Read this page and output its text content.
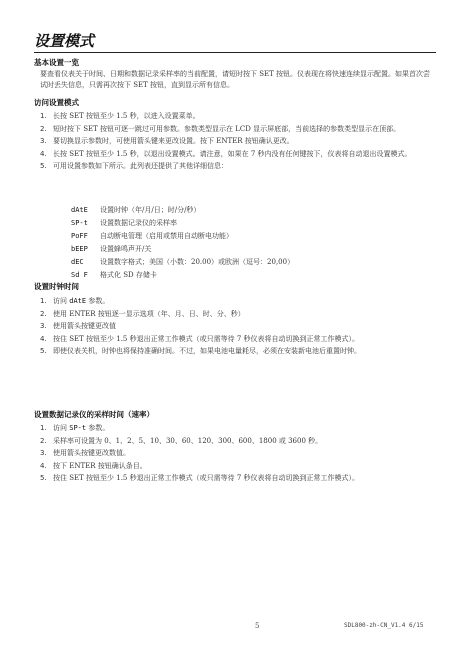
设置模式
基本设置一览
要查看仪表关于时间、日期和数据记录采样率的当前配置，请短时按下 SET 按钮。仪表现在将快速连续显示配置。如果首次尝试时丢失信息，只需再次按下 SET 按钮，直到显示所有信息。
访问设置模式
1. 长按 SET 按钮至少 1.5 秒，以进入设置菜单。
2. 短时按下 SET 按钮可逐一跳过可用参数。参数类型显示在 LCD 显示屏底部，当前选择的参数类型显示在顶部。
3. 要切换显示参数时，可使用箭头键来更改设置。按下 ENTER 按钮确认更改。
4. 长按 SET 按钮至少 1.5 秒，以退出设置模式。请注意，如果在 7 秒内没有任何键按下，仪表将自动退出设置模式。
5. 可用设置参数如下所示。此列表还提供了其他详细信息：
dAtE 设置时钟（年/月/日；时/分/秒）
SP-t 设置数据记录仪的采样率
PoFF 自动断电管理（启用或禁用自动断电功能）
bEEP 设置蜂鸣声开/关
dEC 设置数字格式；美国（小数：20.00）或欧洲（逗号：20,00）
Sd F 格式化 SD 存储卡
设置时钟时间
1. 访问 dAtE 参数。
2. 使用 ENTER 按钮逐一显示选项（年、月、日、时、分、秒）
3. 使用箭头按键更改值
4. 按住 SET 按钮至少 1.5 秒退出正常工作模式（或只需等待 7 秒仪表将自动切换到正常工作模式）。
5. 即使仪表关机，时钟也将保持准确时间。不过，如果电池电量耗尽，必须在安装新电池后重置时钟。
设置数据记录仪的采样时间（速率）
1. 访问 SP-t 参数。
2. 采样率可设置为 0、1、2、5、10、30、60、120、300、600、1800 或 3600 秒。
3. 使用箭头按键更改数值。
4. 按下 ENTER 按钮确认条目。
5. 按住 SET 按钮至少 1.5 秒退出正常工作模式（或只需等待 7 秒仪表将自动切换到正常工作模式）。
5	SDL800-zh-CN_V1.4 6/15
